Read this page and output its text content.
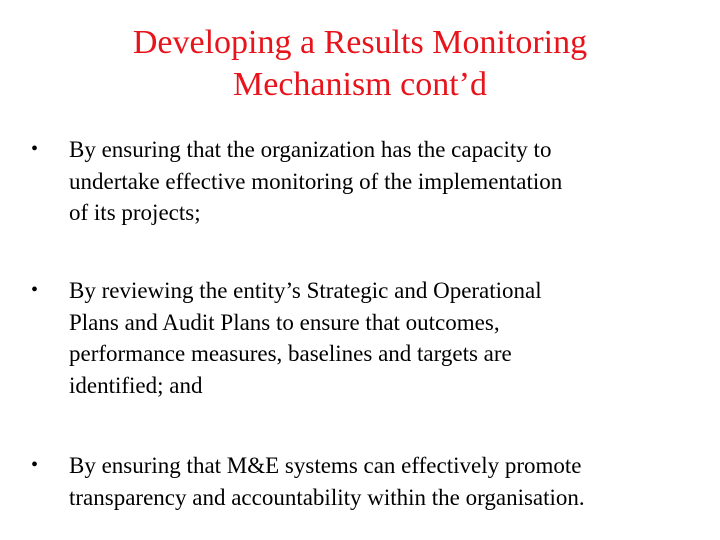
Developing a Results Monitoring
Mechanism cont’d
•	By ensuring that the organization has the capacity to
undertake effective monitoring of the implementation
of its projects;
•	By reviewing the entity’s Strategic and Operational
Plans and Audit Plans to ensure that outcomes,
performance measures, baselines and targets are
identified; and
•	By ensuring that M&E systems can effectively promote
transparency and accountability within the organisation.
